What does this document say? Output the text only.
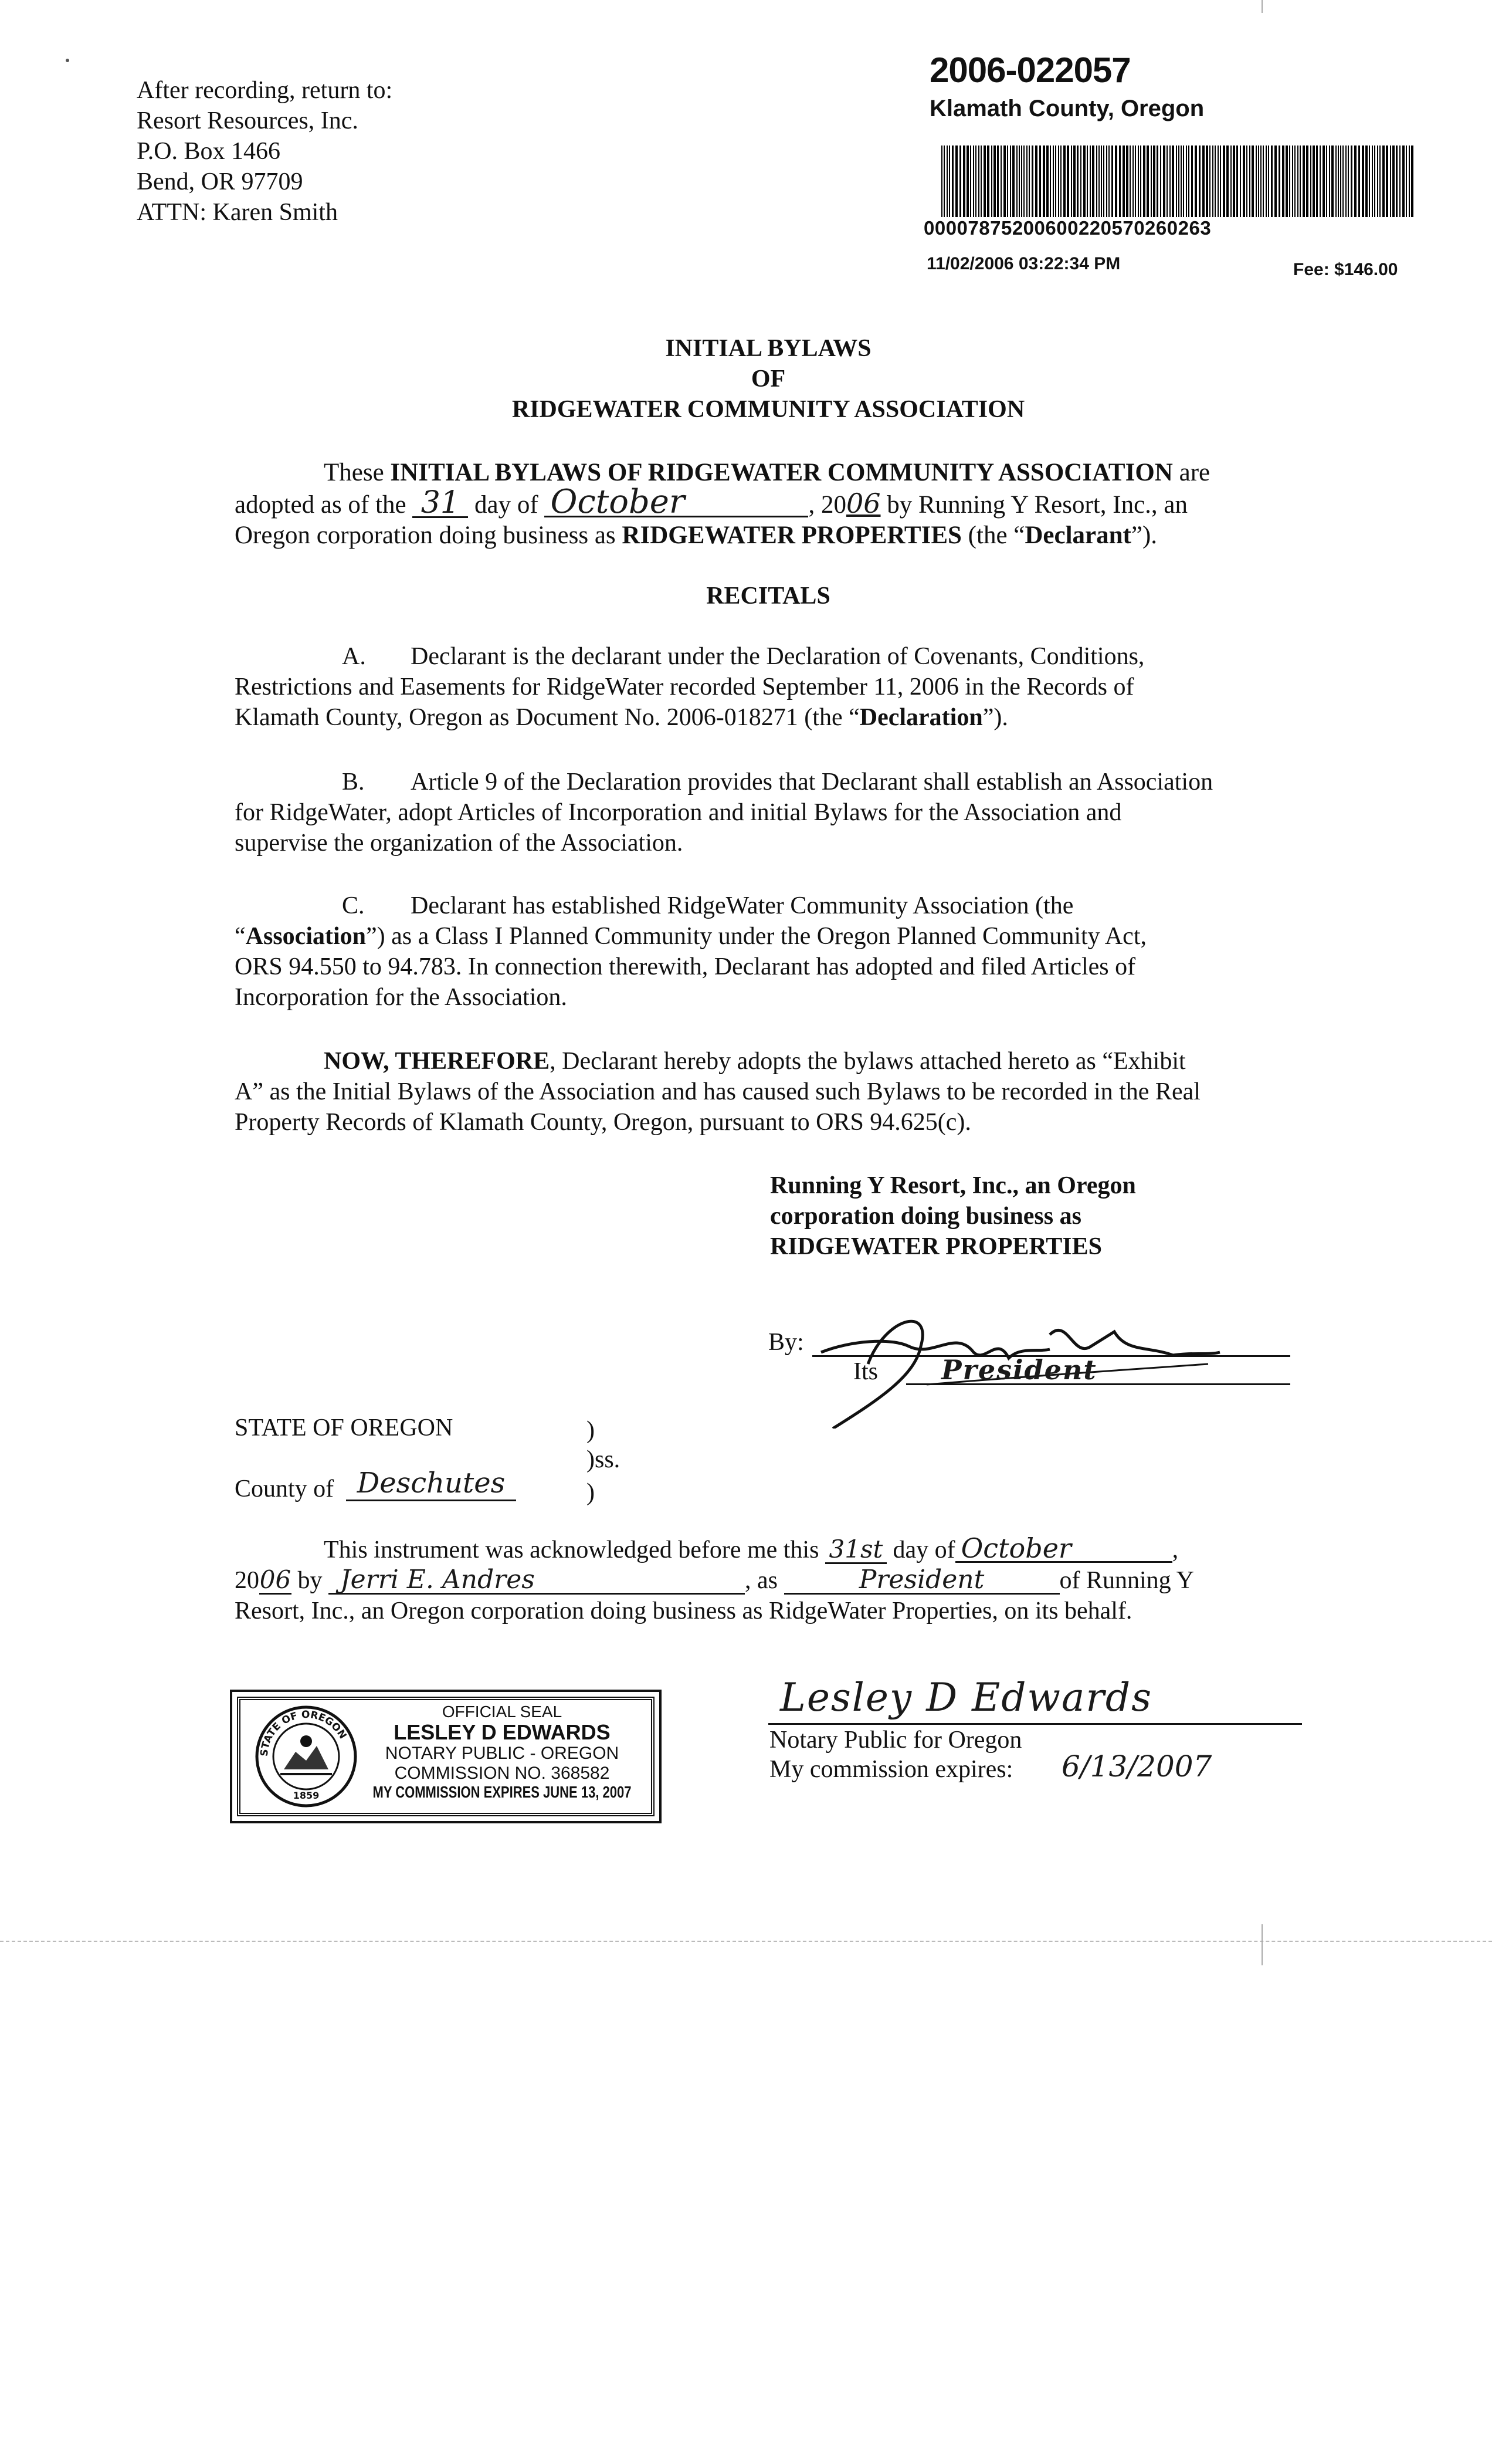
After recording, return to:
Resort Resources, Inc.
P.O. Box 1466
Bend, OR 97709
ATTN: Karen Smith
2006-022057
Klamath County, Oregon
00007875200600220570260263
11/02/2006 03:22:34 PM	Fee: $146.00
INITIAL BYLAWS
OF
RIDGEWATER COMMUNITY ASSOCIATION
These INITIAL BYLAWS OF RIDGEWATER COMMUNITY ASSOCIATION are
adopted as of the 31 day of October	, 2006 by Running Y Resort, Inc., an
Oregon corporation doing business as RIDGEWATER PROPERTIES (the “Declarant”).
RECITALS
A. Declarant is the declarant under the Declaration of Covenants, Conditions,
Restrictions and Easements for RidgeWater recorded September 11, 2006 in the Records of
Klamath County, Oregon as Document No. 2006-018271 (the “Declaration”).
B. Article 9 of the Declaration provides that Declarant shall establish an Association
for RidgeWater, adopt Articles of Incorporation and initial Bylaws for the Association and
supervise the organization of the Association.
C. Declarant has established RidgeWater Community Association (the
“Association”) as a Class I Planned Community under the Oregon Planned Community Act,
ORS 94.550 to 94.783. In connection therewith, Declarant has adopted and filed Articles of
Incorporation for the Association.
NOW, THEREFORE, Declarant hereby adopts the bylaws attached hereto as “Exhibit
A” as the Initial Bylaws of the Association and has caused such Bylaws to be recorded in the Real
Property Records of Klamath County, Oregon, pursuant to ORS 94.625(c).
Running Y Resort, Inc., an Oregon
corporation doing business as
RIDGEWATER PROPERTIES
By:
Its President
STATE OF OREGON	)
)ss.
County of Deschutes	)
This instrument was acknowledged before me this 31st day of October	,
2006 by Jerri E. Andres	, as	President	of Running Y
Resort, Inc., an Oregon corporation doing business as RidgeWater Properties, on its behalf.
STATE OF OREGON
1859
OFFICIAL SEAL
LESLEY D EDWARDS
NOTARY PUBLIC - OREGON
COMMISSION NO. 368582
MY COMMISSION EXPIRES JUNE 13, 2007
Lesley D Edwards
Notary Public for Oregon
My commission expires: 6/13/2007
